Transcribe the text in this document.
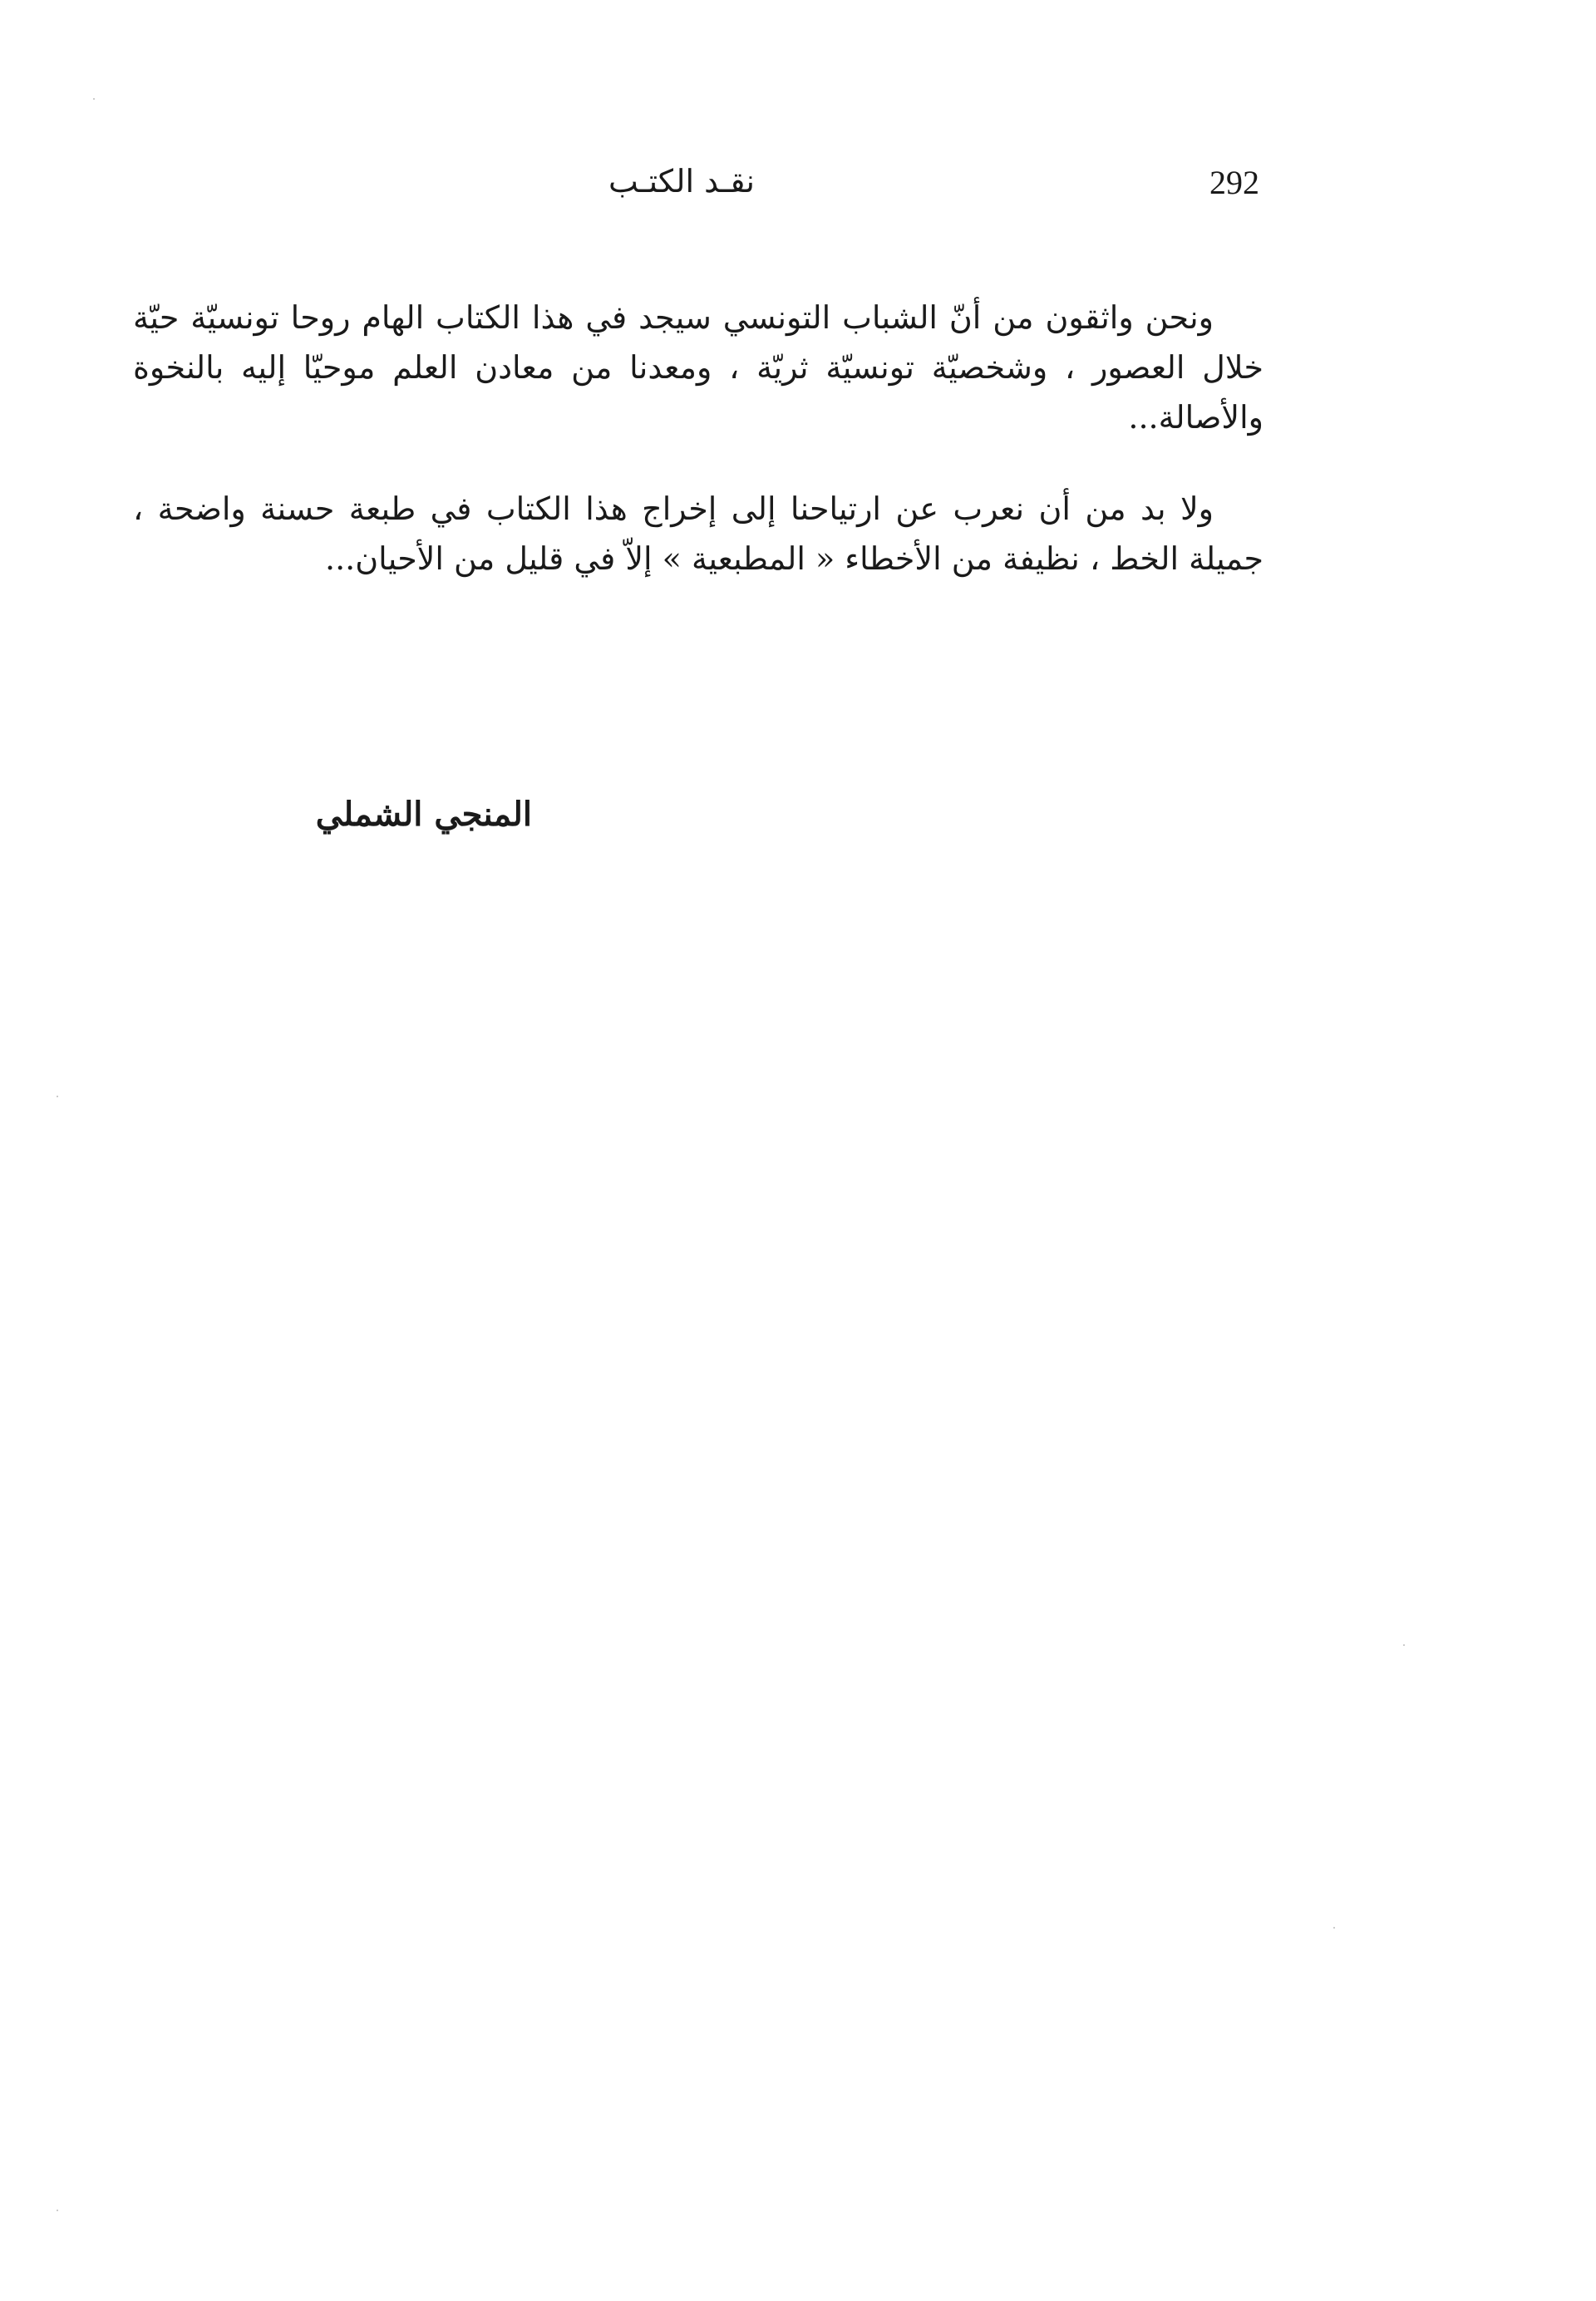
292
نقـد الكتـب

ونحن واثقون من أنّ الشباب التونسي سيجد في هذا الكتاب الهام روحا تونسيّة حيّة خلال العصور ، وشخصيّة تونسيّة ثريّة ، ومعدنا من معادن العلم موحيّا إليه بالنخوة والأصالة...

ولا بد من أن نعرب عن ارتياحنا إلى إخراج هذا الكتاب في طبعة حسنة واضحة ، جميلة الخط ، نظيفة من الأخطاء « المطبعية » إلاّ في قليل من الأحيان...

المنجي الشملي
